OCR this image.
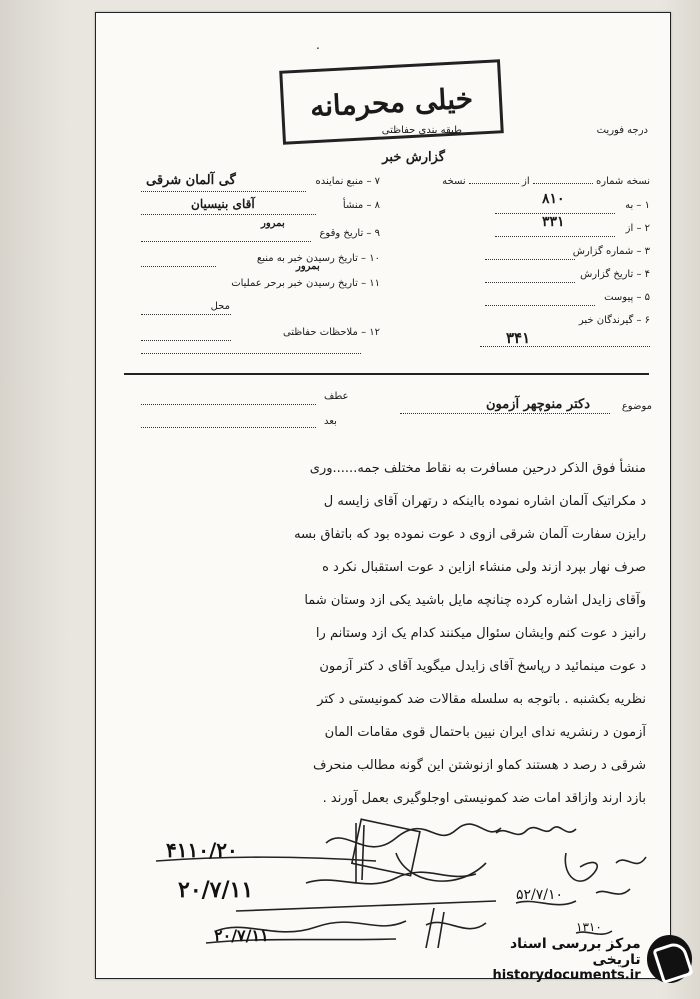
.
خیلی محرمانه
درجه فوریت
طبقه بندی حفاظتی
گزارش خبر
نسخه شماره  از  نسخه
۱ – به
۸۱۰
۲ – از
۳۳۱
۳ – شماره گزارش
۴ – تاریخ گزارش
۵ – پیوست
۶ – گیرندگان خبر
۳۴۱
۷ – منبع نماینده
گی آلمان شرقی
۸ – منشأ
آقای بنیسیان
بمرور
۹ – تاریخ وقوع
۱۰ – تاریخ رسیدن خبر به منبع
بمرور
۱۱ – تاریخ رسیدن خبر برحر عملیات
محل
۱۲ – ملاحظات حفاظتی
موضوع
دکتر منوچهر آزمون
عطف
بعد
منشأ فوق الذکر درحین مسافرت به نقاط مختلف جمه......وری
د مکراتیک آلمان اشاره نموده بااینکه د رتهران آقای زایسه ل
رایزن سفارت آلمان شرقی ازوی د عوت نموده بود که باتفاق بسه
صرف نهار بپرد ازند ولی منشاء ازاین د عوت استقبال نکرد ه
وآقای زایدل اشاره کرده چنانچه مایل باشید یکی ازد وستان شما
رانیز د عوت کنم وایشان سئوال میکنند کدام یک ازد وستانم را
د عوت مینمائید د رپاسخ آقای زایدل میگوید آقای د کتر آزمون
نظریه بکشنبه . باتوجه به سلسله مقالات ضد کمونیستی د کتر
آزمون د رنشریه ندای ایران نیین باحتمال قوی مقامات المان
شرقی د رصد د هستند کماو ازنوشتن این گونه مطالب منحرف
بازد ارند وازاقد امات ضد کمونیستی اوجلوگیری بعمل آورند .
۴۱۱۰/۲۰
۲۰/۷/۱۱	۵۲/۷/۱۰
۱۳۱۰
۲۰/۷/۱۱	مرکز بررسی اسناد تاریخی
historydocuments.ir
